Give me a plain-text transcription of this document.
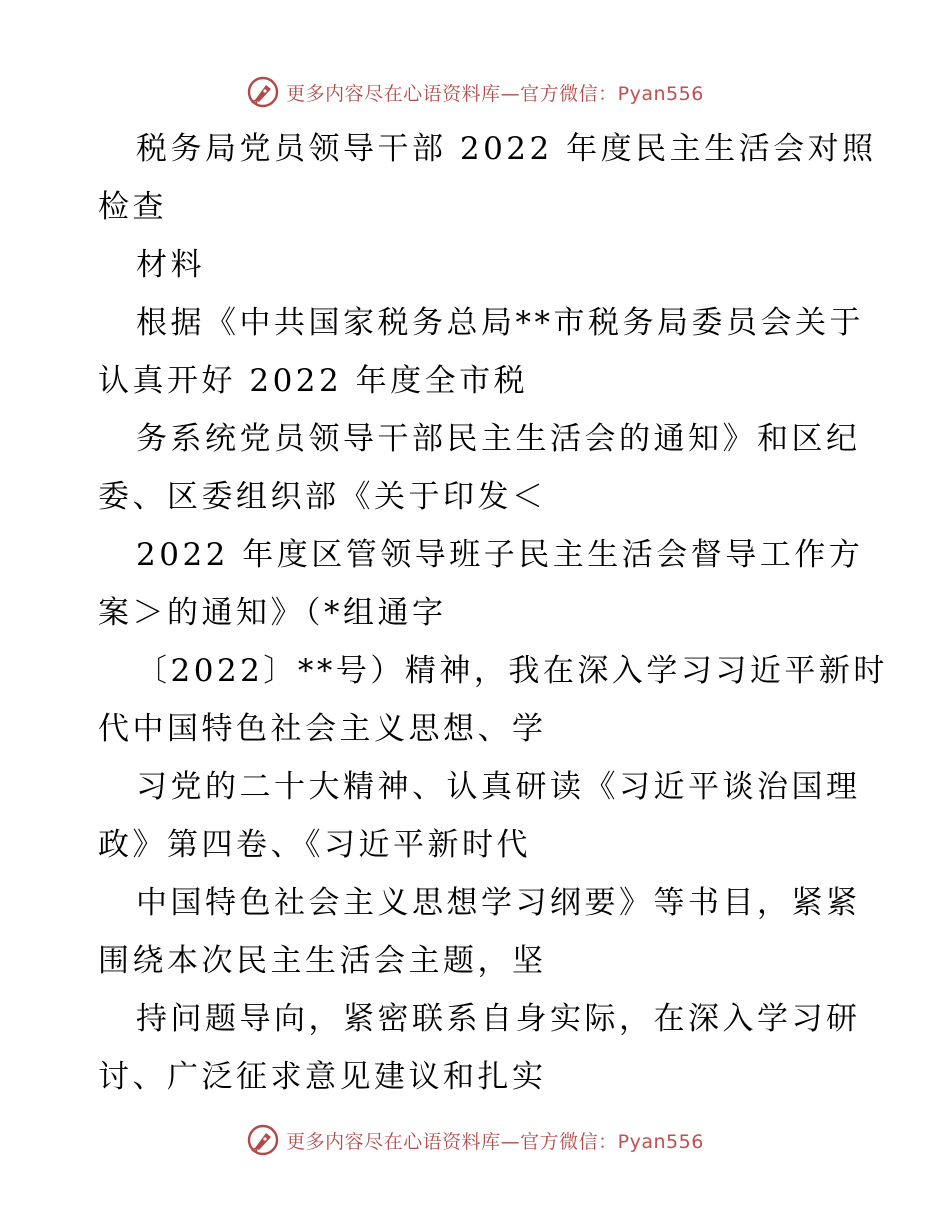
更多内容尽在心语资料库—官方微信：Pyan556
税务局党员领导干部 2022 年度民主生活会对照
检查
材料
根据《中共国家税务总局**市税务局委员会关于
认真开好 2022 年度全市税
务系统党员领导干部民主生活会的通知》和区纪
委、区委组织部《关于印发＜
2022 年度区管领导班子民主生活会督导工作方
案＞的通知》（*组通字
〔2022〕**号）精神，我在深入学习习近平新时
代中国特色社会主义思想、学
习党的二十大精神、认真研读《习近平谈治国理
政》第四卷、《习近平新时代
中国特色社会主义思想学习纲要》等书目，紧紧
围绕本次民主生活会主题，坚
持问题导向，紧密联系自身实际，在深入学习研
讨、广泛征求意见建议和扎实
更多内容尽在心语资料库—官方微信：Pyan556
